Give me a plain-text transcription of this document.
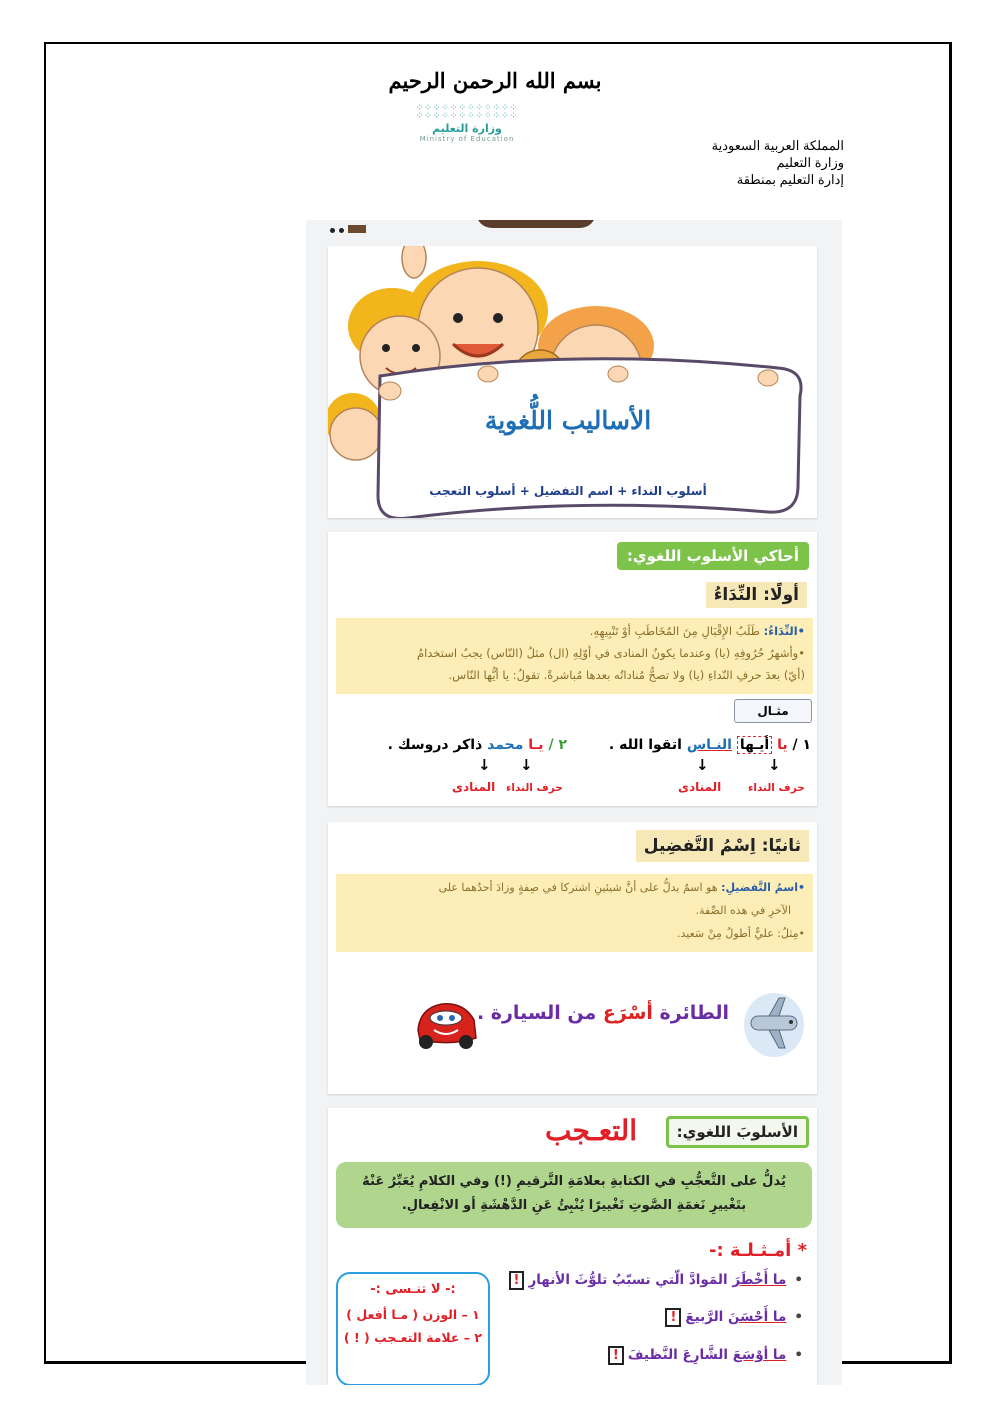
بسم الله الرحمن الرحيم
⁘⁘⁘⁘⁘⁘⁘⁘⁘⁘⁘⁘
⁘⁘⁘⁘⁘⁘⁘⁘⁘⁘⁘⁘
وزارة التعليم
Ministry of Education	المملكة العربية السعودية
وزارة التعليم
إدارة التعليم بمنطقة
الأساليب اللُّغوية
أسلوب النداء + اسم التفضيل + أسلوب التعجب
أحاكي الأسلوب اللغوي:
أولًا: النِّدَاءُ
•النِّدَاءُ: طَلَبُ الإِقْبَالِ مِنَ المُخَاطَبِ أوْ تَنْبِيهِهِ.
•وأشهرُ حُرُوفِهِ (يا) وعندما يكونُ المنادى في أوّلِهِ (ال) مثلُ (النّاس) يجبُ استخدامُ
(أيّ) بعدَ حرفِ النّداءِ (يا) ولا تصحُّ مُناداتُه بعدها مُباشرةً. تقولُ: يا أيُّها النّاس.
مثـال
١ / يا أيـها النـاس اتقوا الله .
٢ / يـا محمد ذاكر دروسك .
↓
↓
↓
↓
حرف النداء
المنادى
حرف النداء
المنادى
ثانيًا: اِسْمُ التَّفضِيل
•اسمُ التَّفضيلِ: هو اسمٌ يدلُّ على أنَّ شيئينِ اشتركا في صِفةٍ وزادَ أحدُهما على
الآخرِ في هذه الصِّفة.
•مِثلُ: عليٌّ أطولُ مِنْ سَعيد.
الطائرة أسْرَع من السيارة .
الأسلوبَ اللغوي:
التعـجب
يُدلُّ على التَّعجُّبِ في الكتابةِ بعلامَةِ التَّرقيمِ (!) وفي الكلامِ يُعَبِّرُ عَنْهُ
بتَغْييرِ نَغمَةِ الصَّوتِ تَغْييرًا يُنْبِئُ عَنِ الدَّهْشَةِ أو الانْفِعالِ.
* أمـثـلـة :-
•ما أَخْطَرَ المَوادَّ الّتي تسبّبُ تلوُّثَ الأنهارِ!
•ما أَحْسَنَ الرَّبيعَ!
•ما أوْسَعَ الشَّارِعَ النَّظيفَ!
:- لا تنـسى :-
١ – الوزن ( مـا أفعل )
٢ – علامة التعـجب ( ! )
